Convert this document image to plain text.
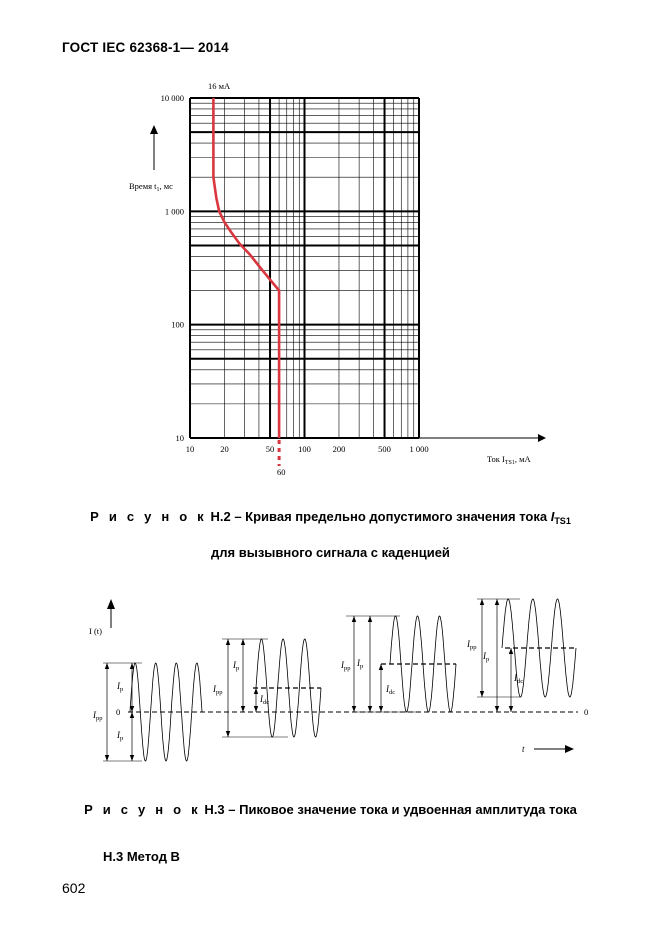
ГОСТ IEC 62368-1— 2014
10	20	50	100	200	500 1 000
10
100
1 000
10 000
Время $t_1$, мс
Ток $I_{TS1}$, мА
16 мА
60
Р и с у н о к Н.2 – Кривая предельно допустимого значения тока $I_{TS1}$
для вызывного сигнала с каденцией
I (t)
0	0
t
$I_p$
$I_p$
$I_{pp}$
$I_p$
$I_{pp}$
$I_{dc}$
$I_p$
$I_{pp}$
$I_{dc}$
$I_p$
$I_{pp}$
$I_{dc}$
Р и с у н о к Н.3 – Пиковое значение тока и удвоенная амплитуда тока
Н.3 Метод В
602
